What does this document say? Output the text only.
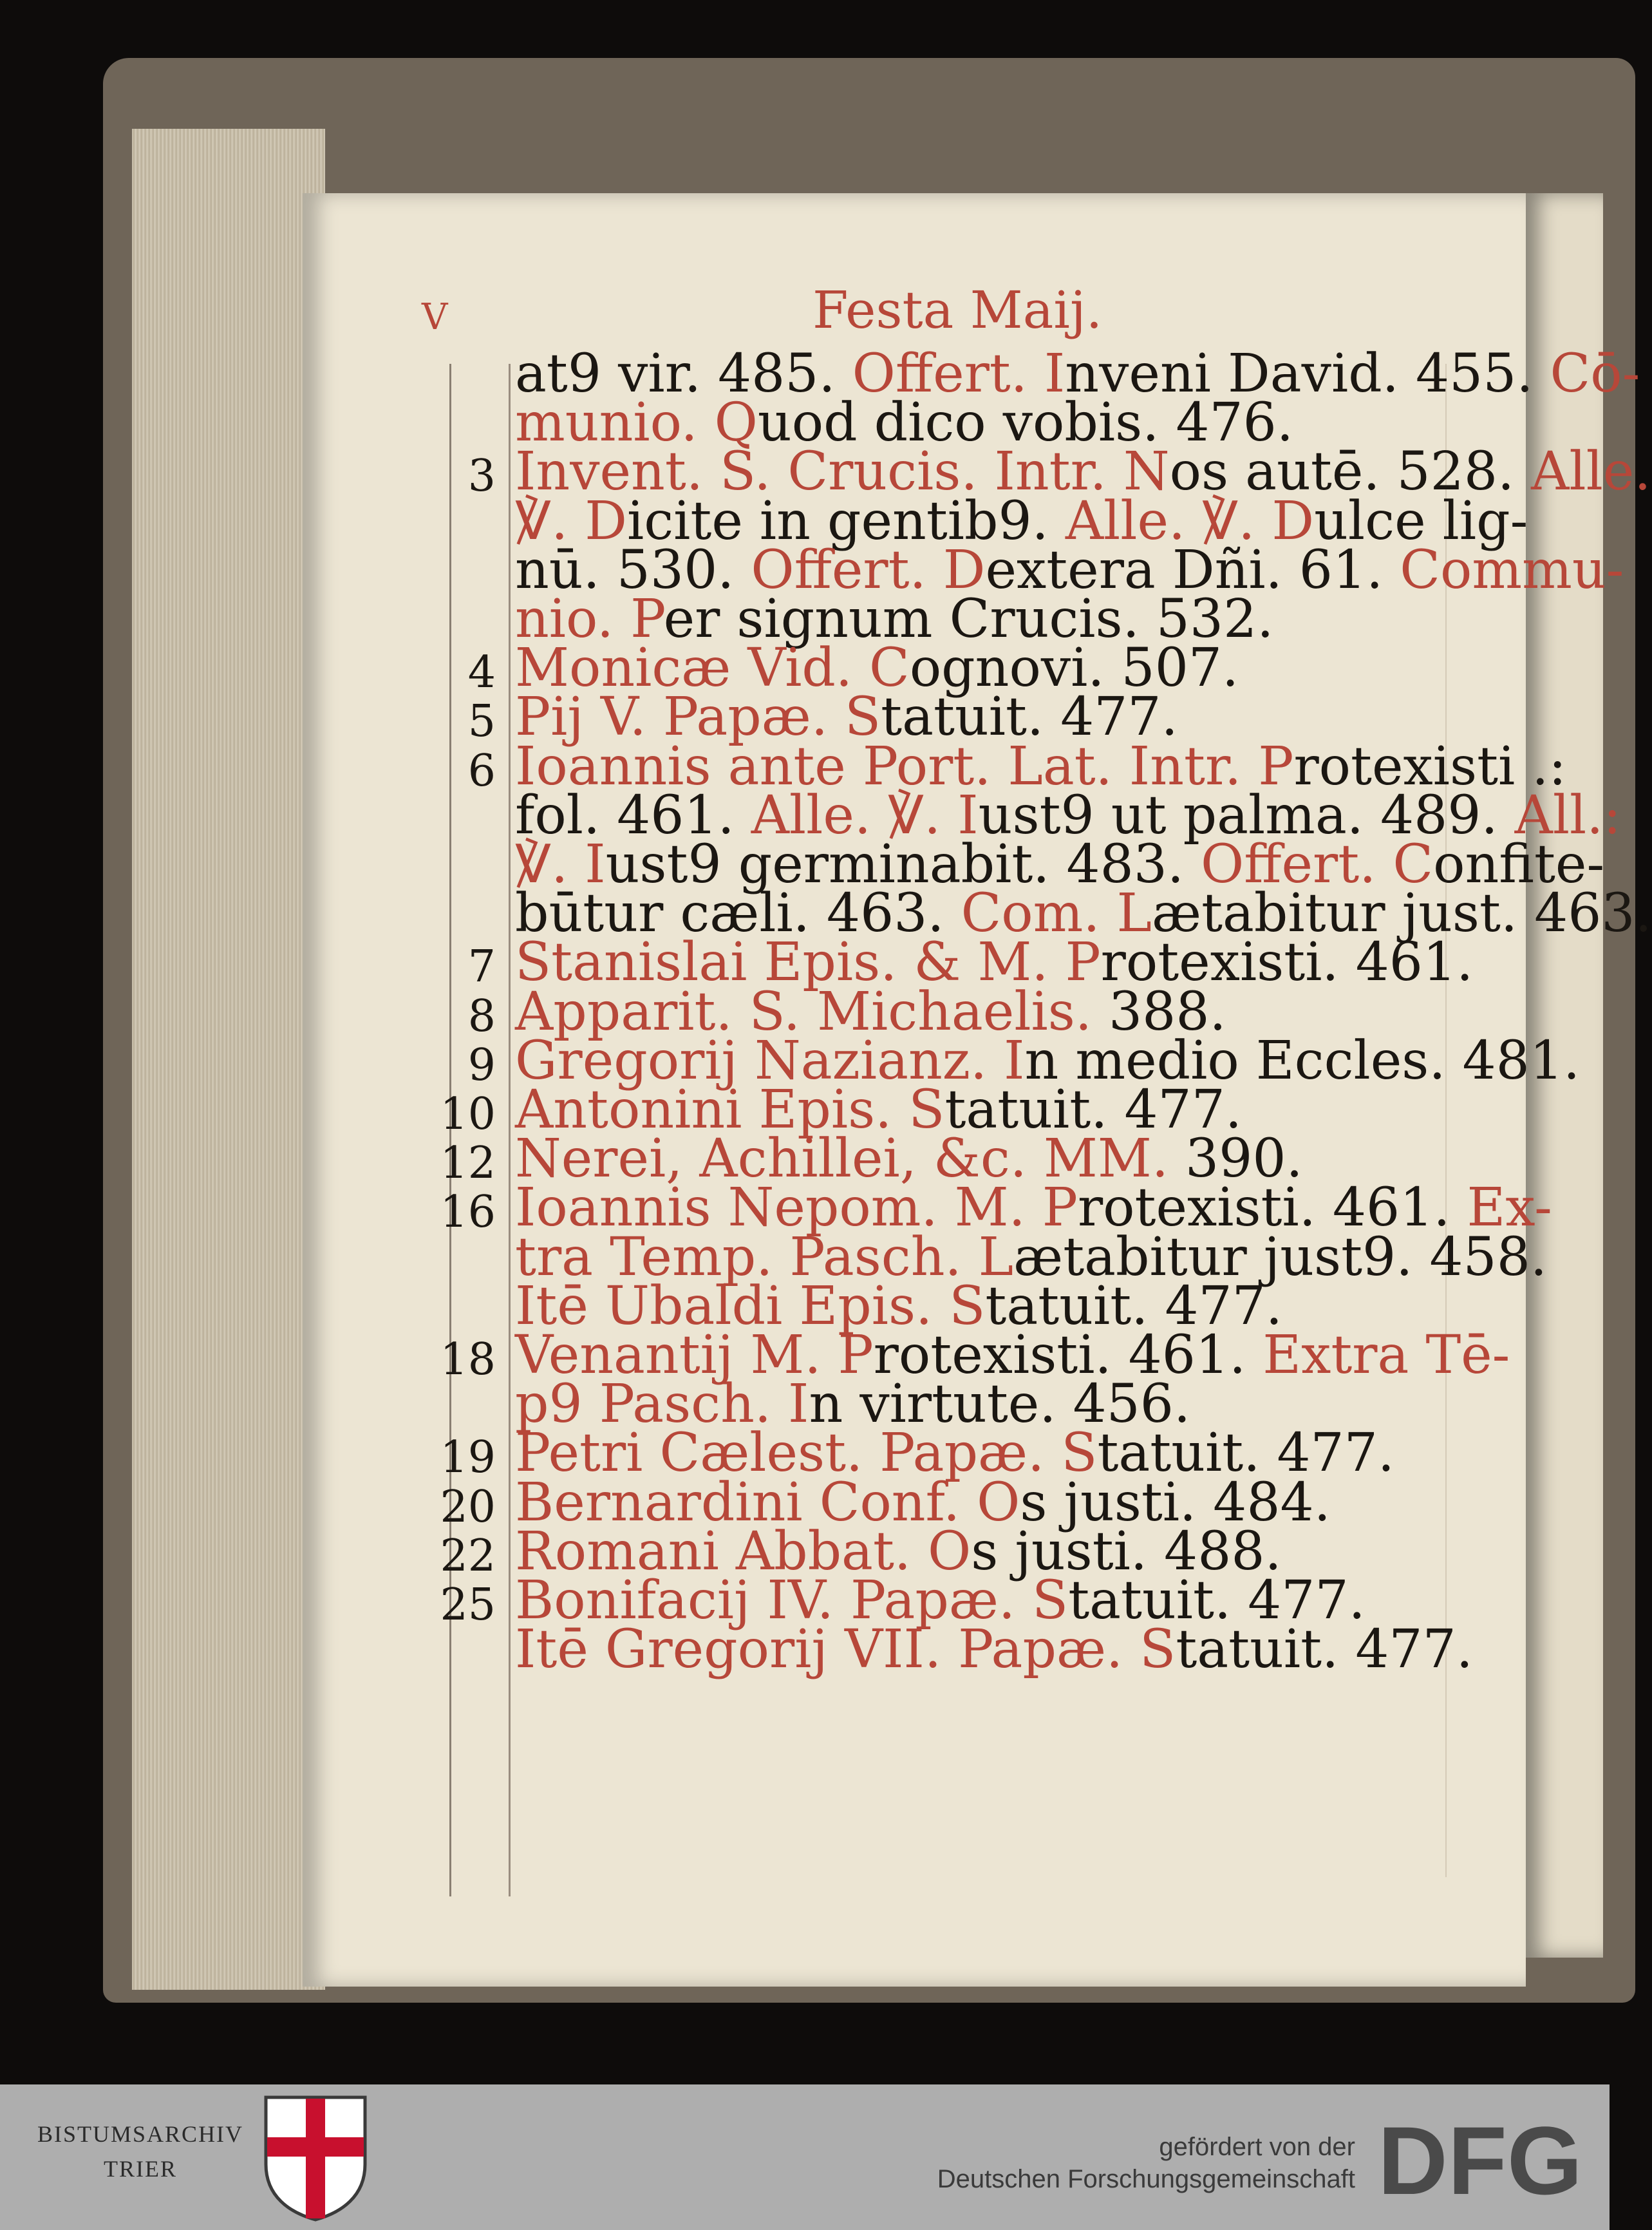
V	Festa Maij.
at9 vir. 485. Offert. Inveni David. 455. Cō-
munio. Quod dico vobis. 476.
3 Invent. S. Crucis. Intr. Nos autē. 528. Alle.
℣. Dicite in gentib9. Alle. ℣. Dulce lig-
nū. 530. Offert. Dextera Dñi. 61. Commu-
nio. Per signum Crucis. 532.
4 Monicæ Vid. Cognovi. 507.
5 Pij V. Papæ. Statuit. 477.
6 Ioannis ante Port. Lat. Intr. Protexisti .:
fol. 461. Alle. ℣. Iust9 ut palma. 489. All.:
℣. Iust9 germinabit. 483. Offert. Confite-
būtur cæli. 463. Com. Lætabitur just. 463.
7 Stanislai Epis. & M. Protexisti. 461.
8 Apparit. S. Michaelis. 388.
9 Gregorij Nazianz. In medio Eccles. 481.
10 Antonini Epis. Statuit. 477.
12 Nerei, Achillei, &c. MM. 390.
16 Ioannis Nepom. M. Protexisti. 461. Ex-
tra Temp. Pasch. Lætabitur just9. 458.
Itē Ubaldi Epis. Statuit. 477.
18 Venantij M. Protexisti. 461. Extra Tē-
p9 Pasch. In virtute. 456.
19 Petri Cælest. Papæ. Statuit. 477.
20 Bernardini Conf. Os justi. 484.
22 Romani Abbat. Os justi. 488.
25 Bonifacij IV. Papæ. Statuit. 477.
Itē Gregorij VII. Papæ. Statuit. 477.
BISTUMSARCHIV
TRIER
gefördert von der
Deutschen Forschungsgemeinschaft DFG
